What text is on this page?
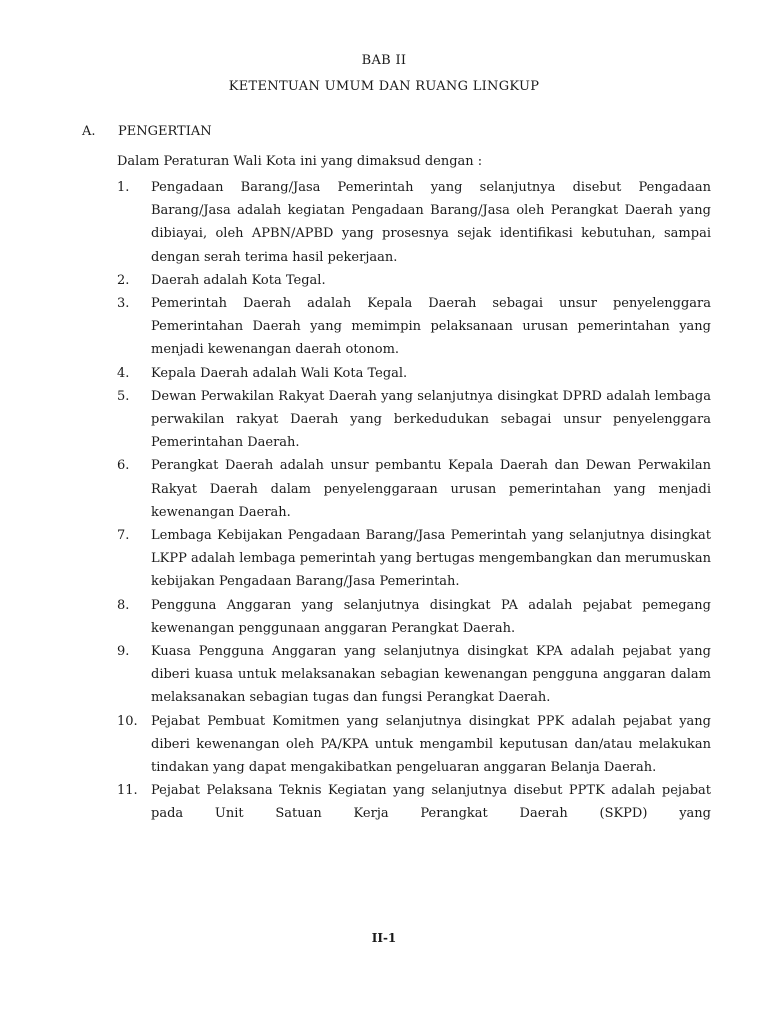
BAB II
KETENTUAN UMUM DAN RUANG LINGKUP
A. PENGERTIAN
Dalam Peraturan Wali Kota ini yang dimaksud dengan :
1.	Pengadaan Barang/Jasa Pemerintah yang selanjutnya disebut Pengadaan Barang/Jasa adalah kegiatan Pengadaan Barang/Jasa oleh Perangkat Daerah yang dibiayai, oleh APBN/APBD yang prosesnya sejak identifikasi kebutuhan, sampai dengan serah terima hasil pekerjaan.
2.	Daerah adalah Kota Tegal.
3.	Pemerintah Daerah adalah Kepala Daerah sebagai unsur penyelenggara Pemerintahan Daerah yang memimpin pelaksanaan urusan pemerintahan yang menjadi kewenangan daerah otonom.
4.	Kepala Daerah adalah Wali Kota Tegal.
5.	Dewan Perwakilan Rakyat Daerah yang selanjutnya disingkat DPRD adalah lembaga perwakilan rakyat Daerah yang berkedudukan sebagai unsur penyelenggara Pemerintahan Daerah.
6.	Perangkat Daerah adalah unsur pembantu Kepala Daerah dan Dewan Perwakilan Rakyat Daerah dalam penyelenggaraan urusan pemerintahan yang menjadi kewenangan Daerah.
7.	Lembaga Kebijakan Pengadaan Barang/Jasa Pemerintah yang selanjutnya disingkat LKPP adalah lembaga pemerintah yang bertugas mengembangkan dan merumuskan kebijakan Pengadaan Barang/Jasa Pemerintah.
8.	Pengguna Anggaran yang selanjutnya disingkat PA adalah pejabat pemegang kewenangan penggunaan anggaran Perangkat Daerah.
9.	Kuasa Pengguna Anggaran yang selanjutnya disingkat KPA adalah pejabat yang diberi kuasa untuk melaksanakan sebagian kewenangan pengguna anggaran dalam melaksanakan sebagian tugas dan fungsi Perangkat Daerah.
10.	Pejabat Pembuat Komitmen yang selanjutnya disingkat PPK adalah pejabat yang diberi kewenangan oleh PA/KPA untuk mengambil keputusan dan/atau melakukan tindakan yang dapat mengakibatkan pengeluaran anggaran Belanja Daerah.
11.	Pejabat Pelaksana Teknis Kegiatan yang selanjutnya disebut PPTK adalah pejabat pada Unit Satuan Kerja Perangkat Daerah (SKPD) yang
II-1
